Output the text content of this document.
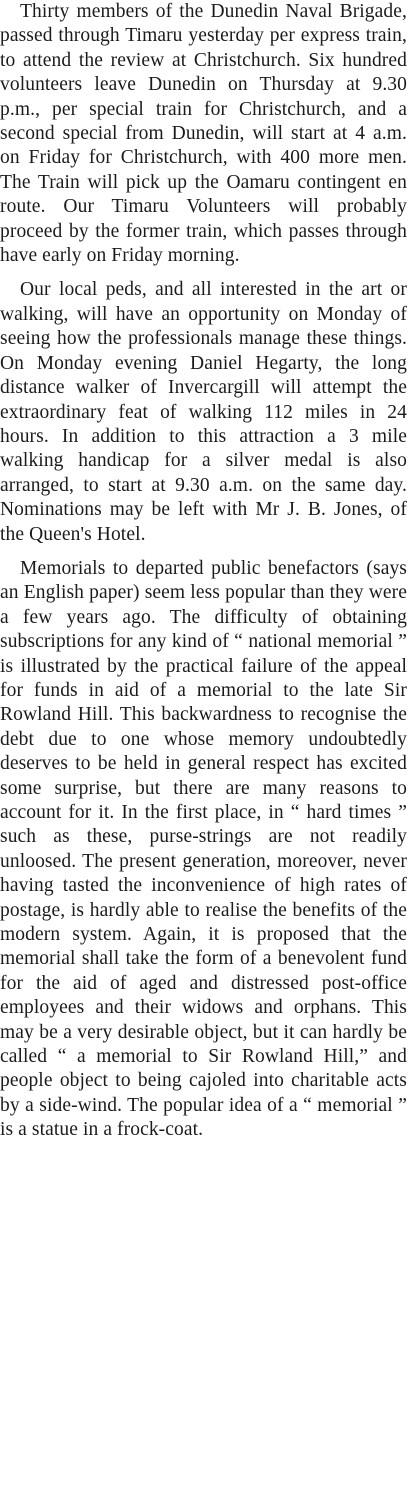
Thirty members of the Dunedin Naval Brigade, passed through Timaru yesterday per express train, to attend the review at Christchurch. Six hundred volunteers leave Dunedin on Thursday at 9.30 p.m., per special train for Christchurch, and a second special from Dunedin, will start at 4 a.m. on Friday for Christchurch, with 400 more men. The Train will pick up the Oamaru contingent en route. Our Timaru Volunteers will probably proceed by the former train, which passes through have early on Friday morning.

Our local peds, and all interested in the art or walking, will have an opportunity on Monday of seeing how the professionals manage these things. On Monday evening Daniel Hegarty, the long distance walker of Invercargill will attempt the extraordinary feat of walking 112 miles in 24 hours. In addition to this attraction a 3 mile walking handicap for a silver medal is also arranged, to start at 9.30 a.m. on the same day. Nominations may be left with Mr J. B. Jones, of the Queen's Hotel.

Memorials to departed public benefactors (says an English paper) seem less popular than they were a few years ago. The difficulty of obtaining subscriptions for any kind of “ national memorial ” is illustrated by the practical failure of the appeal for funds in aid of a memorial to the late Sir Rowland Hill. This backwardness to recognise the debt due to one whose memory undoubtedly deserves to be held in general respect has excited some surprise, but there are many reasons to account for it. In the first place, in “ hard times ” such as these, purse-strings are not readily unloosed. The present generation, moreover, never having tasted the inconvenience of high rates of postage, is hardly able to realise the benefits of the modern system. Again, it is proposed that the memorial shall take the form of a benevolent fund for the aid of aged and distressed post-office employees and their widows and orphans. This may be a very desirable object, but it can hardly be called “ a memorial to Sir Rowland Hill,” and people object to being cajoled into charitable acts by a side-wind. The popular idea of a “ memorial ” is a statue in a frock-coat.
